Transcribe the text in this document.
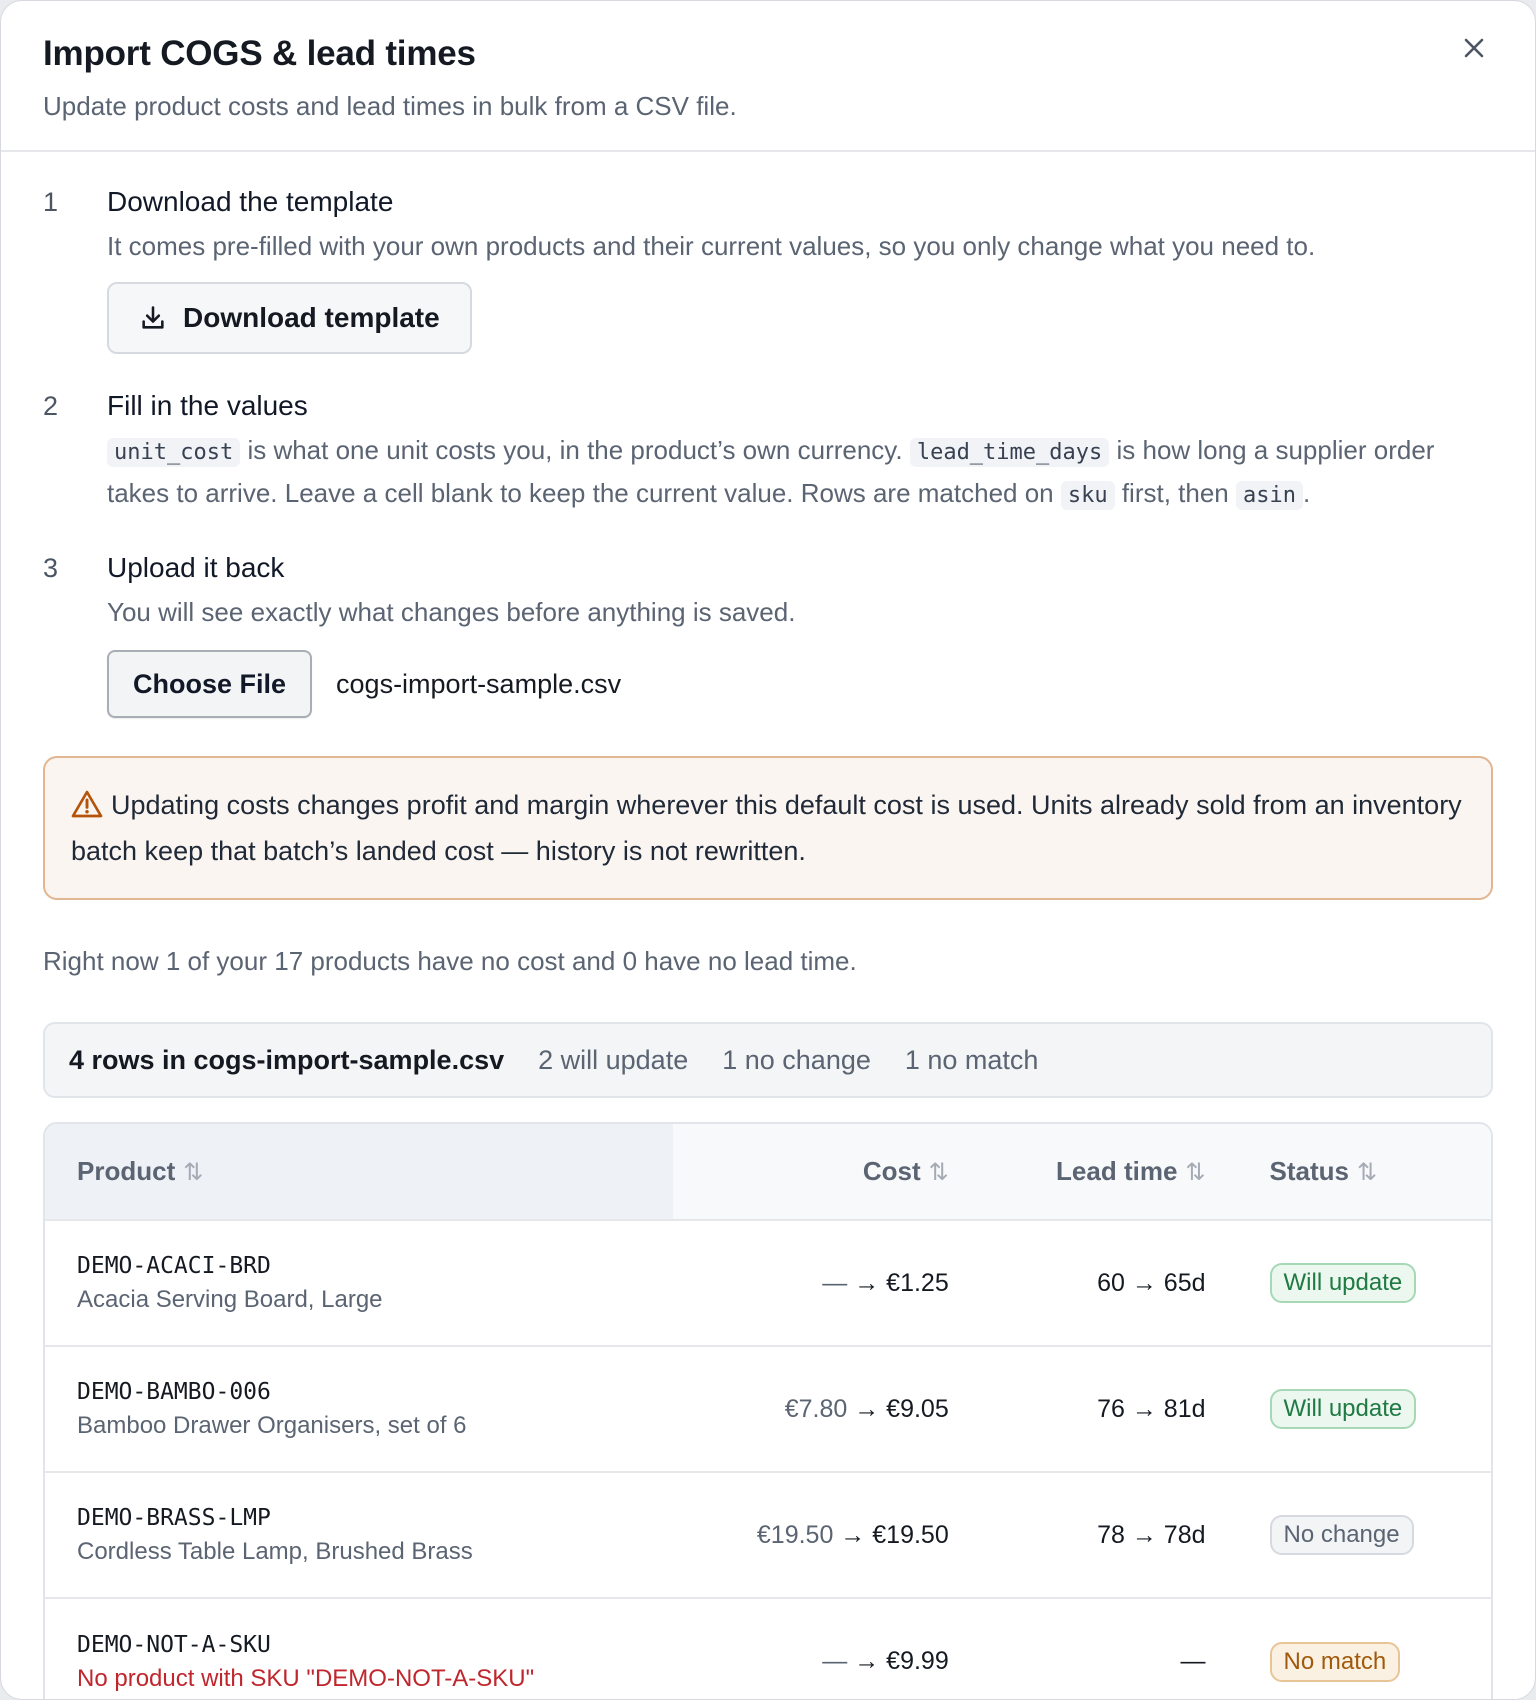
Import COGS & lead times
Update product costs and lead times in bulk from a CSV file.
1 Download the template
It comes pre-filled with your own products and their current values, so you only change what you need to.
Download template
2 Fill in the values
unit_cost is what one unit costs you, in the product’s own currency. lead_time_days is how long a supplier order takes to arrive. Leave a cell blank to keep the current value. Rows are matched on sku first, then asin .
3 Upload it back
You will see exactly what changes before anything is saved.
Choose File	cogs-import-sample.csv
Updating costs changes profit and margin wherever this default cost is used. Units already sold from an inventory batch keep that batch’s landed cost — history is not rewritten.
Right now 1 of your 17 products have no cost and 0 have no lead time.
4 rows in cogs-import-sample.csv 2 will update 1 no change 1 no match
Product ⇅	Cost ⇅	Lead time ⇅	Status ⇅

DEMO-ACACI-BRD
Acacia Serving Board, Large	— → €1.25	60 → 65d	Will update

DEMO-BAMBO-006
Bamboo Drawer Organisers, set of 6	€7.80 → €9.05	76 → 81d	Will update

DEMO-BRASS-LMP
Cordless Table Lamp, Brushed Brass	€19.50 → €19.50	78 → 78d	No change

DEMO-NOT-A-SKU
No product with SKU "DEMO-NOT-A-SKU"	— → €9.99	—	No match
